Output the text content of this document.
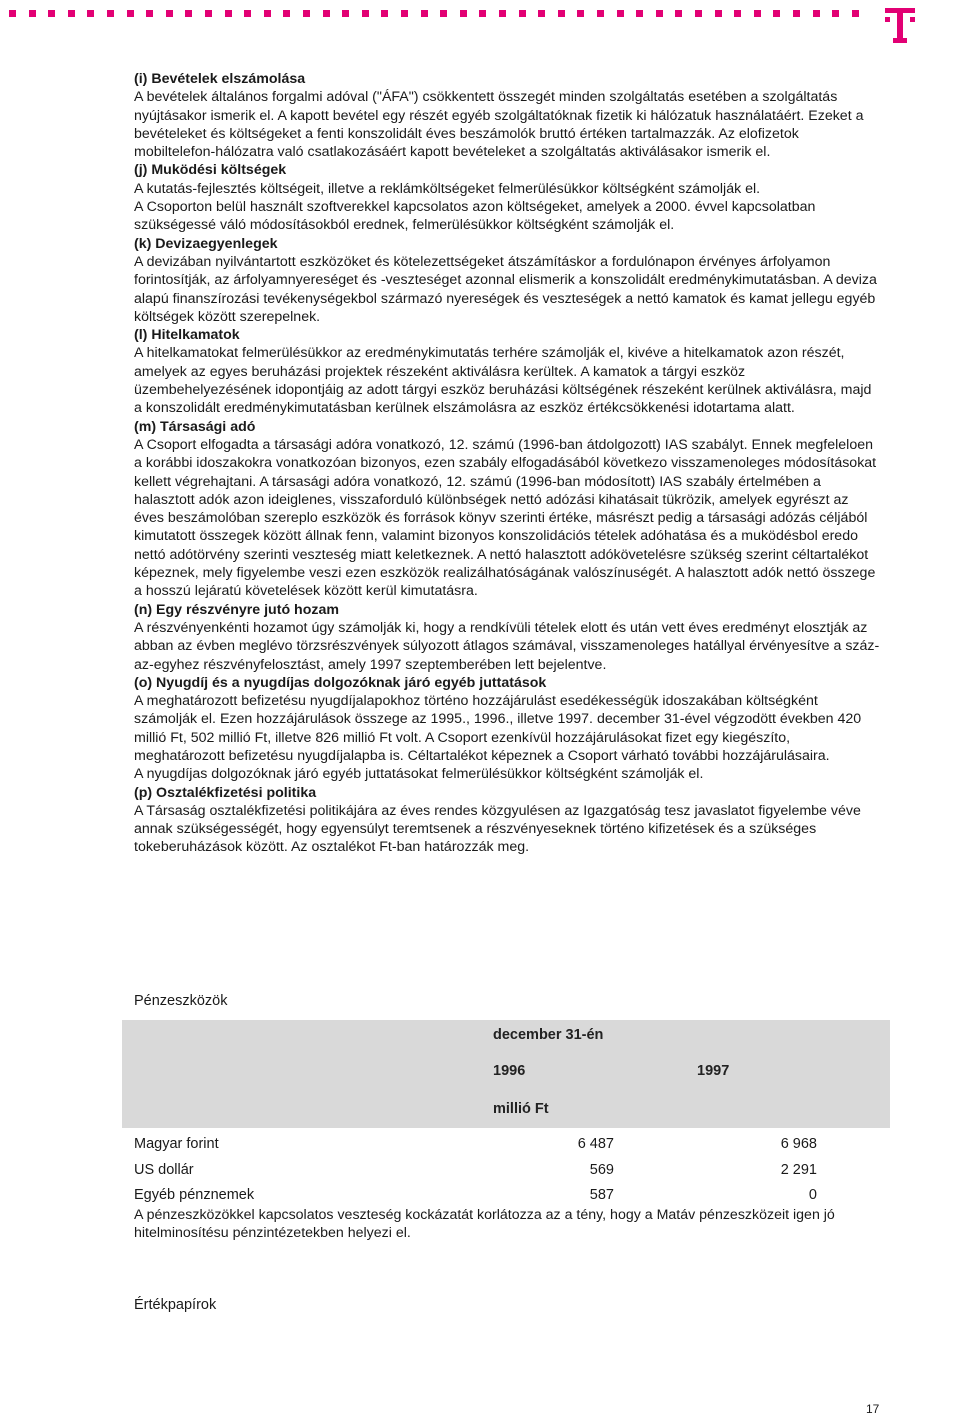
(i) Bevételek elszámolása

A bevételek általános forgalmi adóval ("ÁFA") csökkentett összegét minden szolgáltatás esetében a szolgáltatás nyújtásakor ismerik el. A kapott bevétel egy részét egyéb szolgáltatóknak fizetik ki hálózatuk használatáért. Ezeket a bevételeket és költségeket a fenti konszolidált éves beszámolók bruttó értéken tartalmazzák. Az elofizetok mobiltelefon-hálózatra való csatlakozásáért kapott bevételeket a szolgáltatás aktiválásakor ismerik el.

(j) Muködési költségek

A kutatás-fejlesztés költségeit, illetve a reklámköltségeket felmerülésükkor költségként számolják el.

A Csoporton belül használt szoftverekkel kapcsolatos azon költségeket, amelyek a 2000. évvel kapcsolatban szükségessé váló módosításokból erednek, felmerülésükkor költségként számolják el.

(k) Devizaegyenlegek

A devizában nyilvántartott eszközöket és kötelezettségeket átszámításkor a fordulónapon érvényes árfolyamon forintosítják, az árfolyamnyereséget és -veszteséget azonnal elismerik a konszolidált eredménykimutatásban. A deviza alapú finanszírozási tevékenységekbol származó nyereségek és veszteségek a nettó kamatok és kamat jellegu egyéb költségek között szerepelnek.

(l) Hitelkamatok

A hitelkamatokat felmerülésükkor az eredménykimutatás terhére számolják el, kivéve a hitelkamatok azon részét, amelyek az egyes beruházási projektek részeként aktiválásra kerültek. A kamatok a tárgyi eszköz üzembehelyezésének idopontjáig az adott tárgyi eszköz beruházási költségének részeként kerülnek aktiválásra, majd a konszolidált eredménykimutatásban kerülnek elszámolásra az eszköz értékcsökkenési idotartama alatt.

(m) Társasági adó

A Csoport elfogadta a társasági adóra vonatkozó, 12. számú (1996-ban átdolgozott) IAS szabályt. Ennek megfeleloen a korábbi idoszakokra vonatkozóan bizonyos, ezen szabály elfogadásából következo visszamenoleges módosításokat kellett végrehajtani. A társasági adóra vonatkozó, 12. számú (1996-ban módosított) IAS szabály értelmében a halasztott adók azon ideiglenes, visszaforduló különbségek nettó adózási kihatásait tükrözik, amelyek egyrészt az éves beszámolóban szereplo eszközök és források könyv szerinti értéke, másrészt pedig a társasági adózás céljából kimutatott összegek között állnak fenn, valamint bizonyos konszolidációs tételek adóhatása és a muködésbol eredo nettó adótörvény szerinti veszteség miatt keletkeznek. A nettó halasztott adókövetelésre szükség szerint céltartalékot képeznek, mely figyelembe veszi ezen eszközök realizálhatóságának valószínuségét. A halasztott adók nettó összege a hosszú lejáratú követelések között kerül kimutatásra.

(n) Egy részvényre jutó hozam

A részvényenkénti hozamot úgy számolják ki, hogy a rendkívüli tételek elott és után vett éves eredményt elosztják az abban az évben meglévo törzsrészvények súlyozott átlagos számával, visszamenoleges hatállyal érvényesítve a száz-az-egyhez részvényfelosztást, amely 1997 szeptemberében lett bejelentve.

(o) Nyugdíj és a nyugdíjas dolgozóknak járó egyéb juttatások

A meghatározott befizetésu nyugdíjalapokhoz történo hozzájárulást esedékességük idoszakában költségként számolják el. Ezen hozzájárulások összege az 1995., 1996., illetve 1997. december 31-ével végzodött években 420 millió Ft, 502 millió Ft, illetve 826 millió Ft volt. A Csoport ezenkívül hozzájárulásokat fizet egy kiegészíto, meghatározott befizetésu nyugdíjalapba is. Céltartalékot képeznek a Csoport várható további hozzájárulásaira.

A nyugdíjas dolgozóknak járó egyéb juttatásokat felmerülésükkor költségként számolják el.

(p) Osztalékfizetési politika

A Társaság osztalékfizetési politikájára az éves rendes közgyulésen az Igazgatóság tesz javaslatot figyelembe véve annak szükségességét, hogy egyensúlyt teremtsenek a részvényeseknek történo kifizetések és a szükséges tokeberuházások között. Az osztalékot Ft-ban határozzák meg.

Pénzeszközök
december 31-én
1996	1997
millió Ft
Magyar forint	6 487	6 968
US dollár	569	2 291
Egyéb pénznemek	587	0
A pénzeszközökkel kapcsolatos veszteség kockázatát korlátozza az a tény, hogy a Matáv pénzeszközeit igen jó hitelminosítésu pénzintézetekben helyezi el.
Értékpapírok
17
